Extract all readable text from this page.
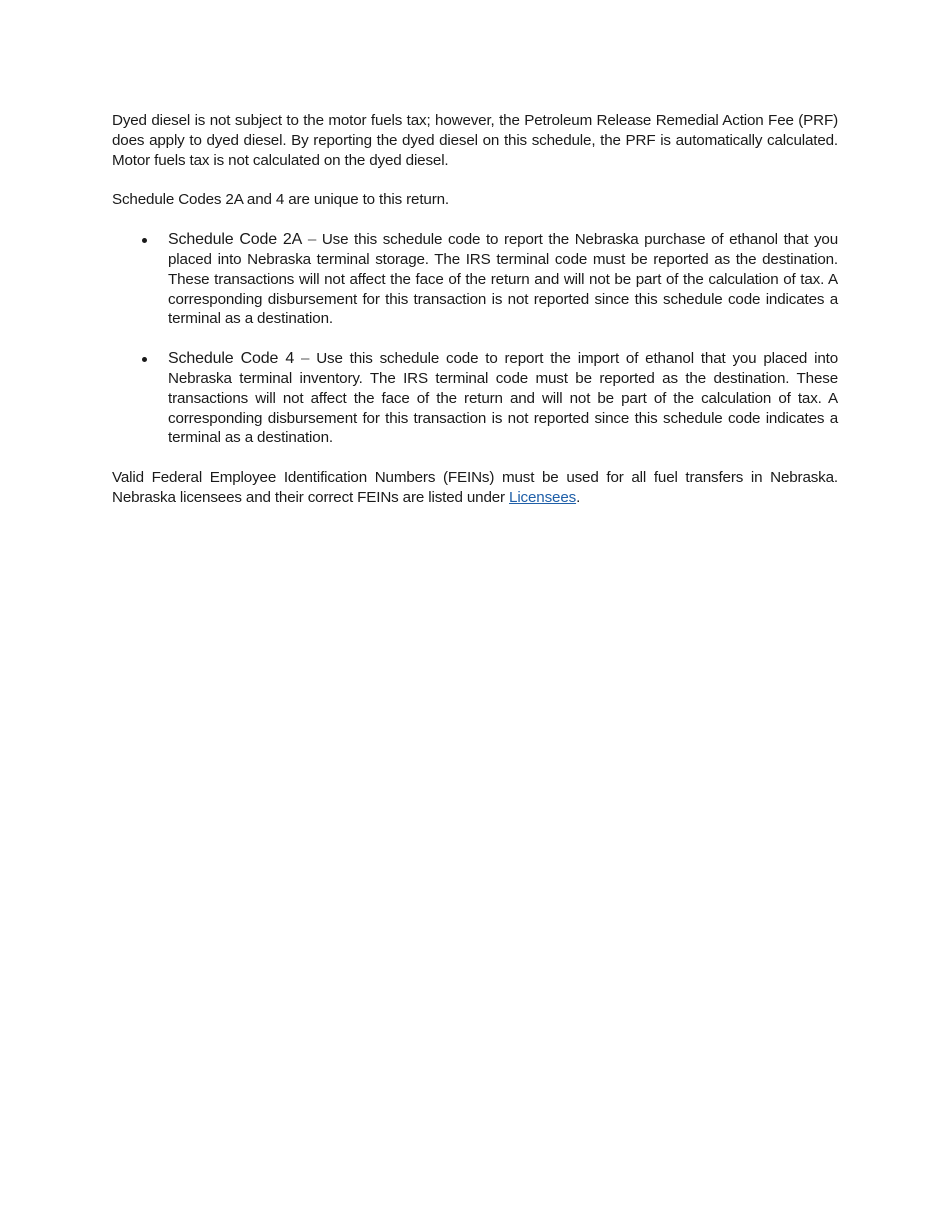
Dyed diesel is not subject to the motor fuels tax; however, the Petroleum Release Remedial Action Fee (PRF) does apply to dyed diesel. By reporting the dyed diesel on this schedule, the PRF is automatically calculated. Motor fuels tax is not calculated on the dyed diesel.

Schedule Codes 2A and 4 are unique to this return.

Schedule Code 2A – Use this schedule code to report the Nebraska purchase of ethanol that you placed into Nebraska terminal storage. The IRS terminal code must be reported as the destination. These transactions will not affect the face of the return and will not be part of the calculation of tax. A corresponding disbursement for this transaction is not reported since this schedule code indicates a terminal as a destination.

Schedule Code 4 – Use this schedule code to report the import of ethanol that you placed into Nebraska terminal inventory. The IRS terminal code must be reported as the destination. These transactions will not affect the face of the return and will not be part of the calculation of tax. A corresponding disbursement for this transaction is not reported since this schedule code indicates a terminal as a destination.

Valid Federal Employee Identification Numbers (FEINs) must be used for all fuel transfers in Nebraska. Nebraska licensees and their correct FEINs are listed under Licensees.
